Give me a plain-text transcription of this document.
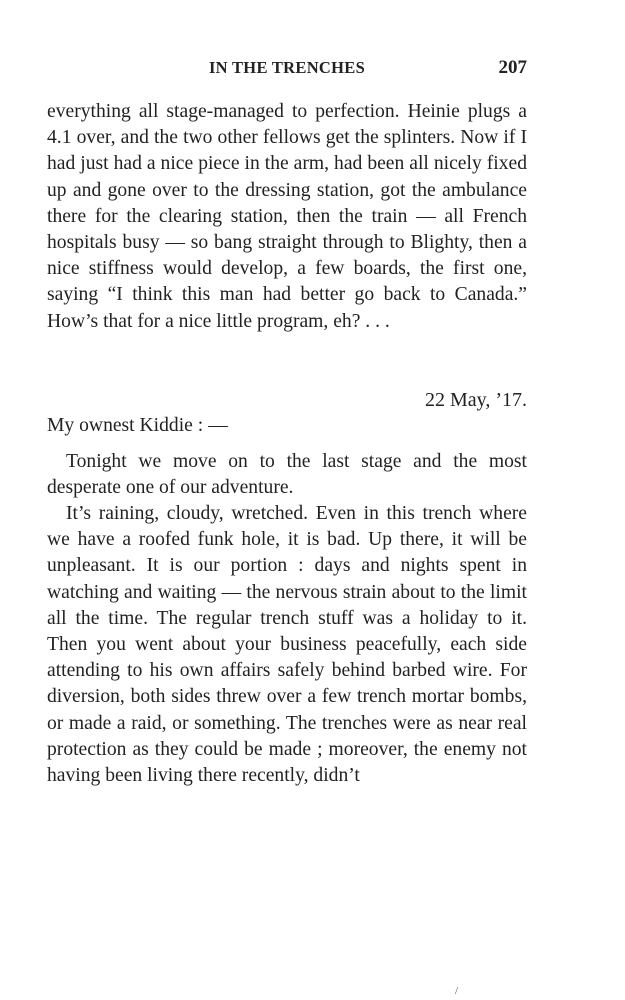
IN THE TRENCHES	207

everything all stage-managed to perfection. Heinie plugs a 4.1 over, and the two other fellows get the splinters. Now if I had just had a nice piece in the arm, had been all nicely fixed up and gone over to the dressing station, got the ambulance there for the clearing station, then the train — all French hospitals busy — so bang straight through to Blighty, then a nice stiffness would develop, a few boards, the first one, saying “I think this man had better go back to Canada.” How’s that for a nice little program, eh? . . .

22 May, ’17.

My ownest Kiddie : —

Tonight we move on to the last stage and the most desperate one of our adventure.

It’s raining, cloudy, wretched. Even in this trench where we have a roofed funk hole, it is bad. Up there, it will be unpleasant. It is our portion : days and nights spent in watching and waiting — the nervous strain about to the limit all the time. The regular trench stuff was a holiday to it. Then you went about your business peacefully, each side attending to his own affairs safely behind barbed wire. For diversion, both sides threw over a few trench mortar bombs, or made a raid, or something. The trenches were as near real protection as they could be made ; moreover, the enemy not having been living there recently, didn’t

/
